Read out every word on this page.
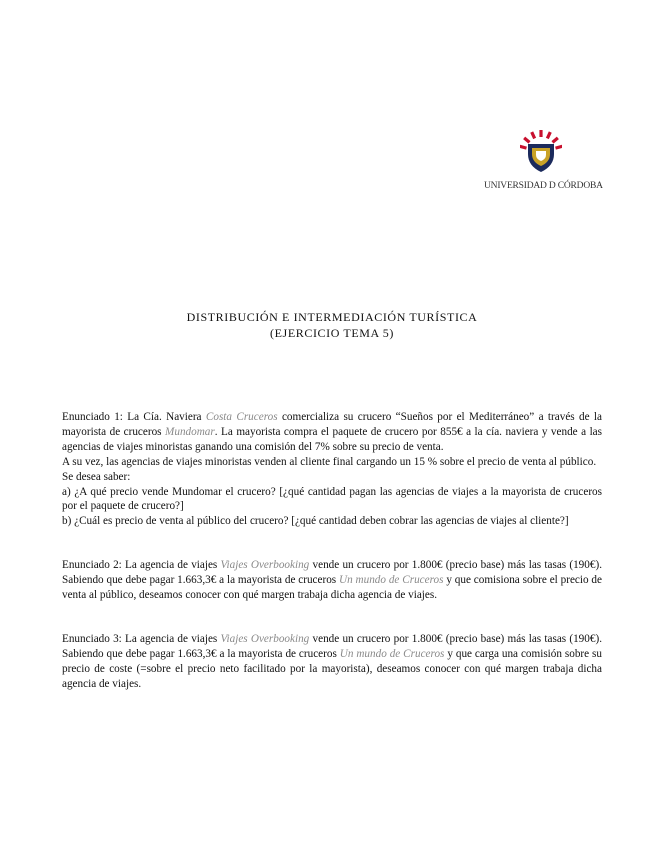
UNIVERSIDAD D CÓRDOBA
DISTRIBUCIÓN E INTERMEDIACIÓN TURÍSTICA
(EJERCICIO TEMA 5)

Enunciado 1: La Cía. Naviera Costa Cruceros comercializa su crucero “Sueños por el Mediterráneo” a través de la mayorista de cruceros Mundomar. La mayorista compra el paquete de crucero por 855€ a la cía. naviera y vende a las agencias de viajes minoristas ganando una comisión del 7% sobre su precio de venta.

A su vez, las agencias de viajes minoristas venden al cliente final cargando un 15 % sobre el precio de venta al público.

Se desea saber:

a) ¿A qué precio vende Mundomar el crucero? [¿qué cantidad pagan las agencias de viajes a la mayorista de cruceros por el paquete de crucero?]

b) ¿Cuál es precio de venta al público del crucero? [¿qué cantidad deben cobrar las agencias de viajes al cliente?]

Enunciado 2: La agencia de viajes Viajes Overbooking vende un crucero por 1.800€ (precio base) más las tasas (190€). Sabiendo que debe pagar 1.663,3€ a la mayorista de cruceros Un mundo de Cruceros y que comisiona sobre el precio de venta al público, deseamos conocer con qué margen trabaja dicha agencia de viajes.

Enunciado 3: La agencia de viajes Viajes Overbooking vende un crucero por 1.800€ (precio base) más las tasas (190€). Sabiendo que debe pagar 1.663,3€ a la mayorista de cruceros Un mundo de Cruceros y que carga una comisión sobre su precio de coste (=sobre el precio neto facilitado por la mayorista), deseamos conocer con qué margen trabaja dicha agencia de viajes.
